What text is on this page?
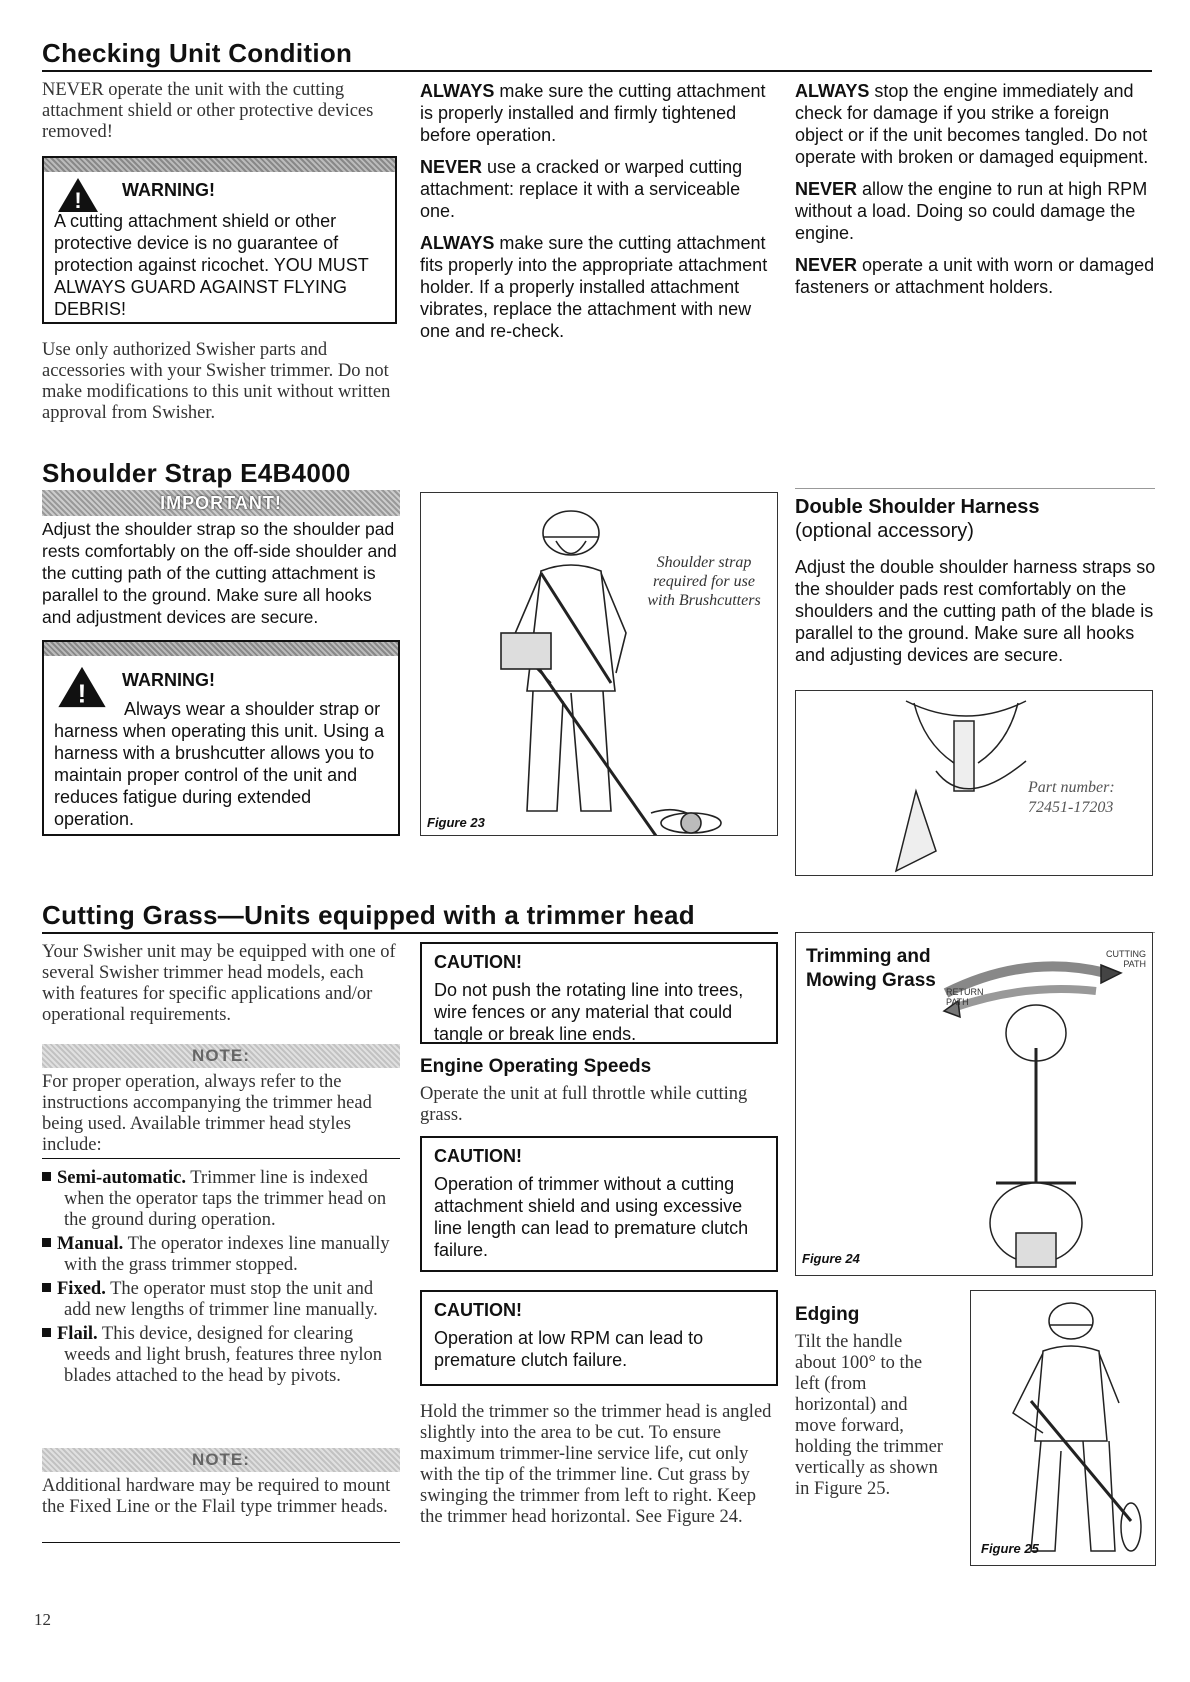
Checking Unit Condition
NEVER operate the unit with the cutting attachment shield or other protective devices removed!
! WARNING!
A cutting attachment shield or other protective device is no guarantee of protection against ricochet. YOU MUST ALWAYS GUARD AGAINST FLYING DEBRIS!
Use only authorized Swisher parts and accessories with your Swisher trimmer. Do not make modifications to this unit without written approval from Swisher.

ALWAYS make sure the cutting attachment is properly installed and firmly tightened before operation.

NEVER use a cracked or warped cutting attachment: replace it with a serviceable one.

ALWAYS make sure the cutting attachment fits properly into the appropriate attachment holder. If a properly installed attachment vibrates, replace the attachment with new one and re-check.

ALWAYS stop the engine immediately and check for damage if you strike a foreign object or if the unit becomes tangled. Do not operate with broken or damaged equipment.

NEVER allow the engine to run at high RPM without a load. Doing so could damage the engine.

NEVER operate a unit with worn or damaged fasteners or attachment holders.

Shoulder Strap E4B4000
IMPORTANT!
Adjust the shoulder strap so the shoulder pad rests comfortably on the off-side shoulder and the cutting path of the cutting attachment is parallel to the ground. Make sure all hooks and adjustment devices are secure.
! WARNING!
Always wear a shoulder strap or harness when operating this unit. Using a harness with a brushcutter allows you to maintain proper control of the unit and reduces fatigue during extended operation.
Shoulder strap required for use with Brushcutters
Figure 23
Double Shoulder Harness
(optional accessory)
Adjust the double shoulder harness straps so the shoulder pads rest comfortably on the shoulders and the cutting path of the blade is parallel to the ground. Make sure all hooks and adjusting devices are secure.
Part number:
72451-17203
Cutting Grass—Units equipped with a trimmer head
Your Swisher unit may be equipped with one of several Swisher trimmer head models, each with features for specific applications and/or operational requirements.
NOTE:
For proper operation, always refer to the instructions accompanying the trimmer head being used. Available trimmer head styles include:
Semi-automatic. Trimmer line is indexed when the operator taps the trimmer head on the ground during operation.
Manual. The operator indexes line manually with the grass trimmer stopped.
Fixed. The operator must stop the unit and add new lengths of trimmer line manually.
Flail. This device, designed for clearing weeds and light brush, features three nylon blades attached to the head by pivots.
NOTE:
Additional hardware may be required to mount the Fixed Line or the Flail type trimmer heads.
CAUTION!
Do not push the rotating line into trees, wire fences or any material that could tangle or break line ends.
Engine Operating Speeds
Operate the unit at full throttle while cutting grass.
CAUTION!
Operation of trimmer without a cutting attachment shield and using excessive line length can lead to premature clutch failure.
CAUTION!
Operation at low RPM can lead to premature clutch failure.
Hold the trimmer so the trimmer head is angled slightly into the area to be cut. To ensure maximum trimmer-line service life, cut only with the tip of the trimmer line. Cut grass by swinging the trimmer from left to right. Keep the trimmer head horizontal. See Figure 24.
Trimming and Mowing Grass
CUTTING PATH
RETURN PATH
Figure 24
Edging
Tilt the handle about 100° to the left (from horizontal) and move forward, holding the trimmer vertically as shown in Figure 25.
Figure 25
12
